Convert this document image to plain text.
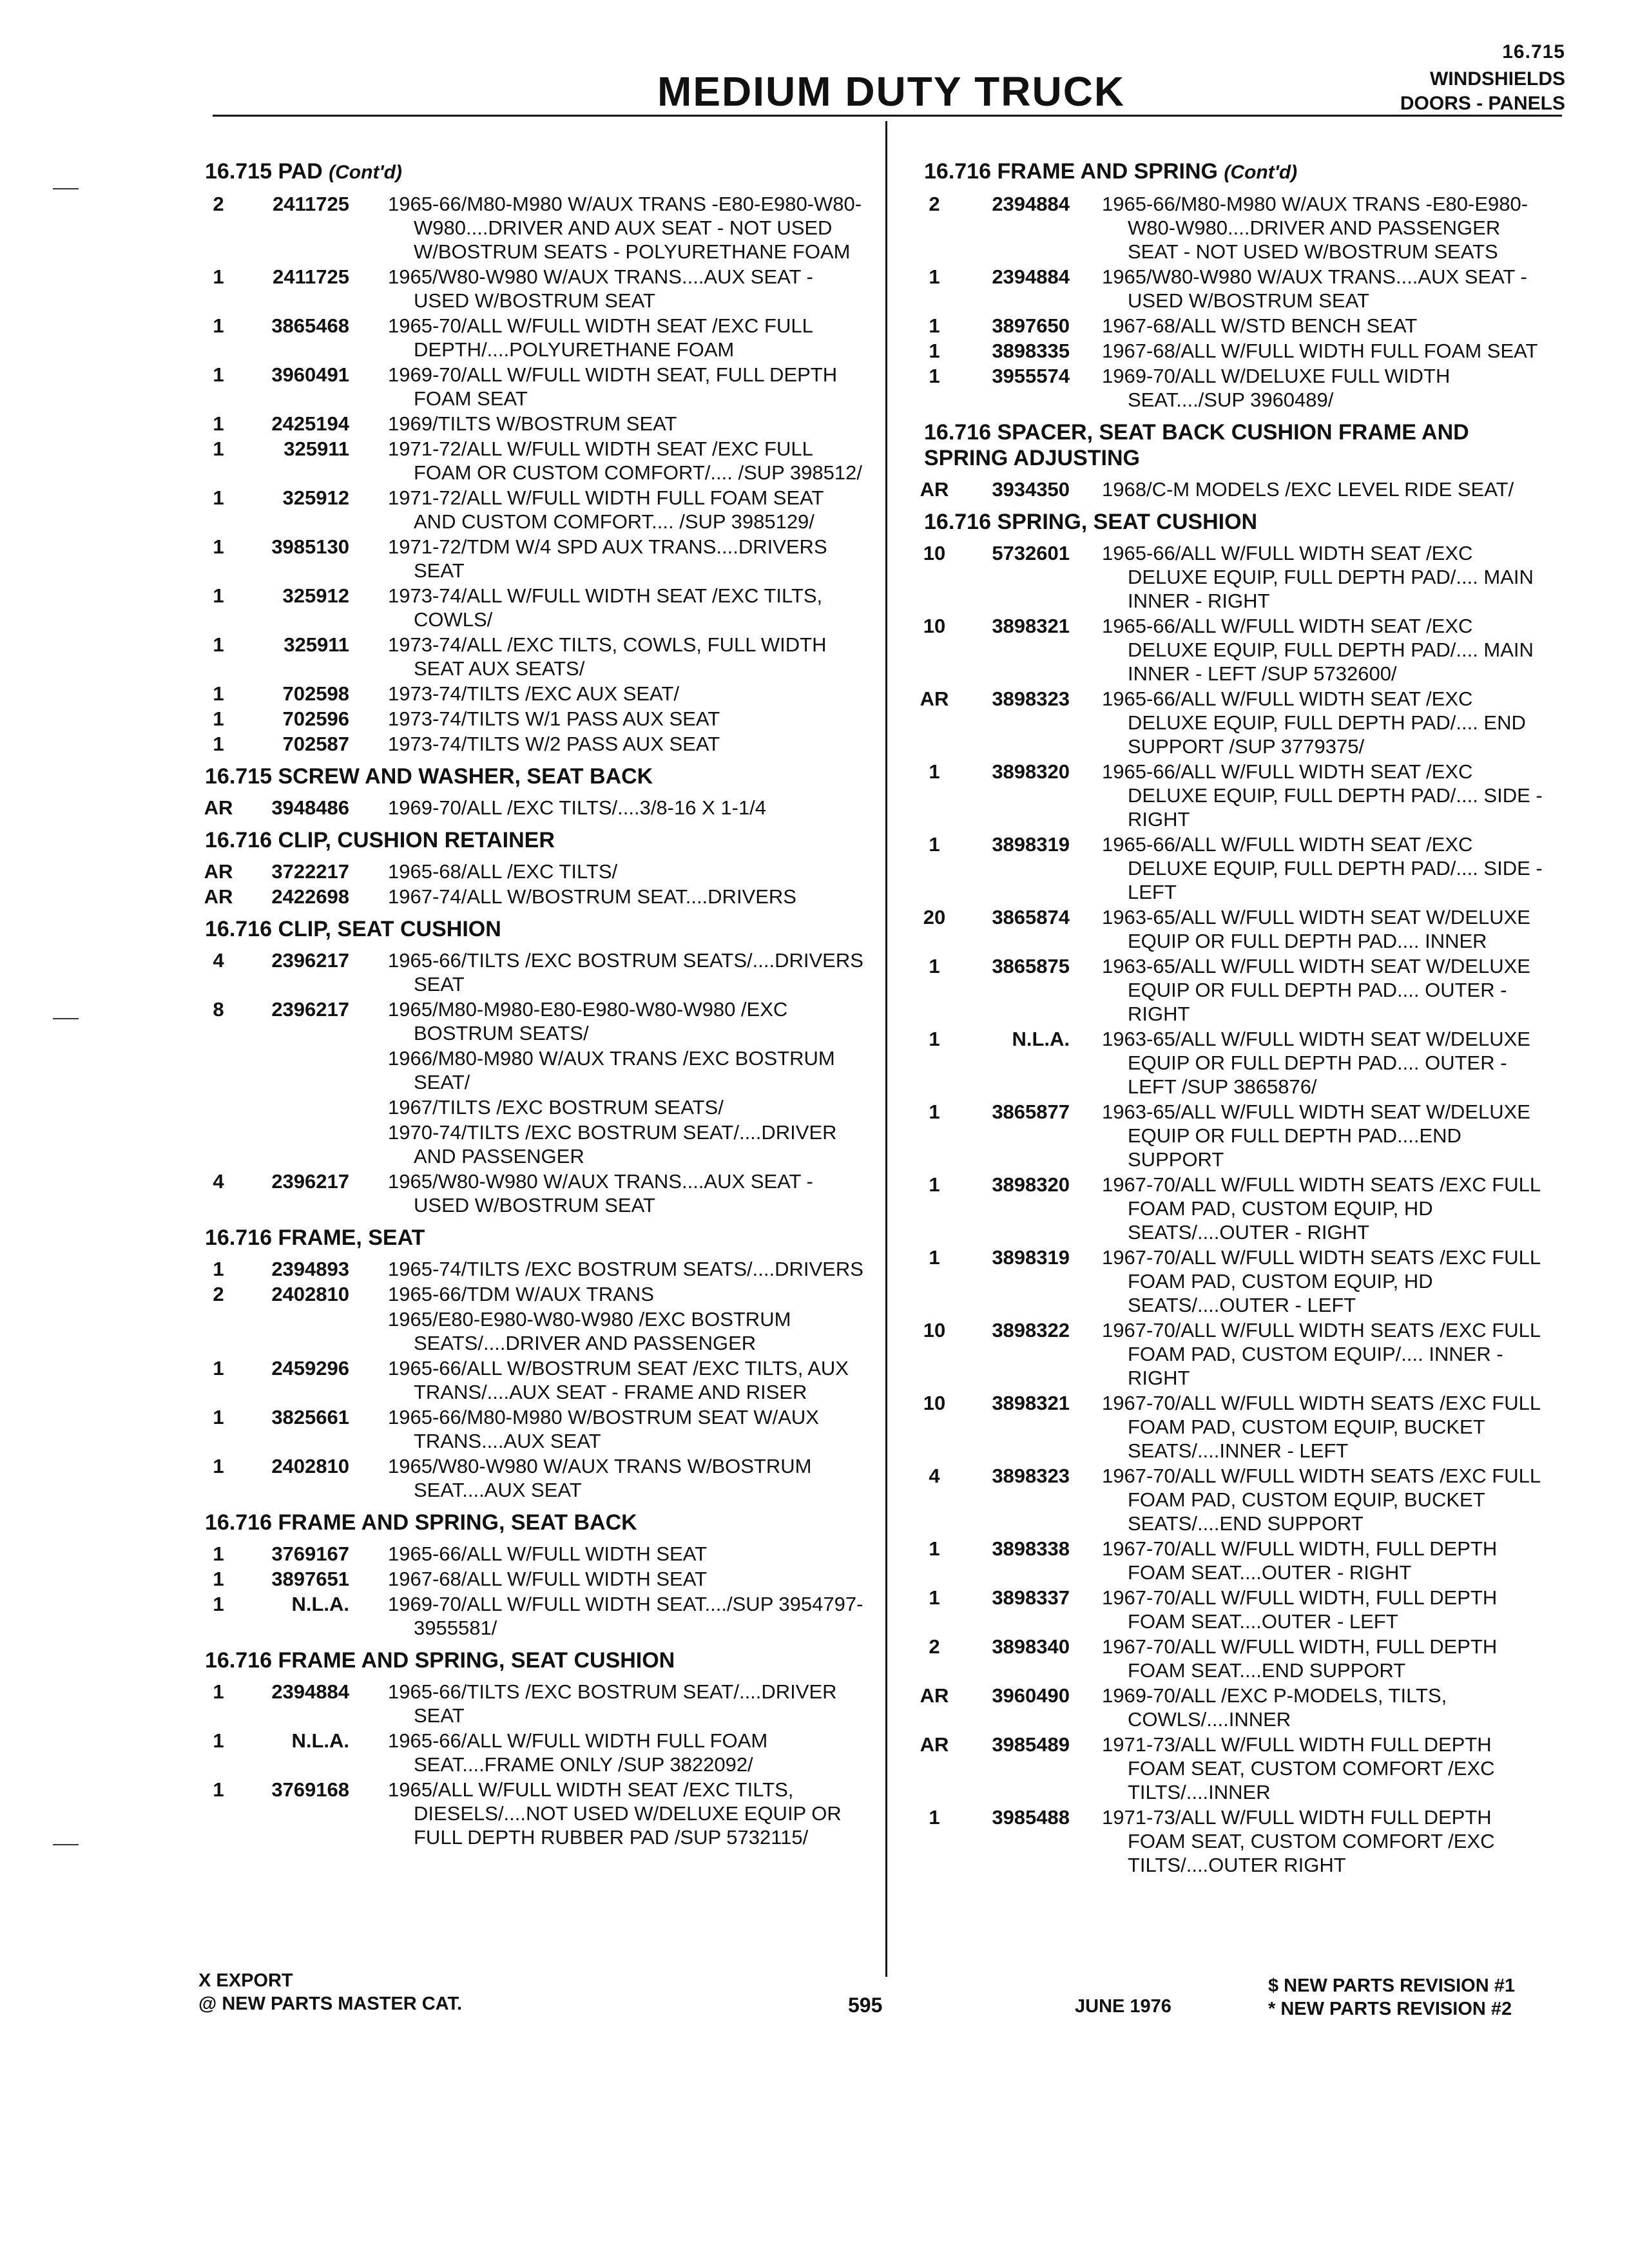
16.715
MEDIUM DUTY TRUCK	WINDSHIELDS
DOORS - PANELS
16.715 PAD (Cont'd)
2	2411725 1965-66/M80-M980 W/AUX TRANS -E80-E980-W80-W980....DRIVER AND AUX SEAT - NOT USED W/BOSTRUM SEATS - POLYURETHANE FOAM
1	2411725 1965/W80-W980 W/AUX TRANS....AUX SEAT - USED W/BOSTRUM SEAT
1	3865468 1965-70/ALL W/FULL WIDTH SEAT /EXC FULL DEPTH/....POLYURETHANE FOAM
1	3960491 1969-70/ALL W/FULL WIDTH SEAT, FULL DEPTH FOAM SEAT
1	2425194 1969/TILTS W/BOSTRUM SEAT
1	325911 1971-72/ALL W/FULL WIDTH SEAT /EXC FULL FOAM OR CUSTOM COMFORT/.... /SUP 398512/
1	325912 1971-72/ALL W/FULL WIDTH FULL FOAM SEAT AND CUSTOM COMFORT.... /SUP 3985129/
1	3985130 1971-72/TDM W/4 SPD AUX TRANS....DRIVERS SEAT
1	325912 1973-74/ALL W/FULL WIDTH SEAT /EXC TILTS, COWLS/
1	325911 1973-74/ALL /EXC TILTS, COWLS, FULL WIDTH SEAT AUX SEATS/
1	702598 1973-74/TILTS /EXC AUX SEAT/
1	702596 1973-74/TILTS W/1 PASS AUX SEAT
1	702587 1973-74/TILTS W/2 PASS AUX SEAT
16.715 SCREW AND WASHER, SEAT BACK
AR	3948486 1969-70/ALL /EXC TILTS/....3/8-16 X 1-1/4
16.716 CLIP, CUSHION RETAINER
AR	3722217 1965-68/ALL /EXC TILTS/
AR	2422698 1967-74/ALL W/BOSTRUM SEAT....DRIVERS
16.716 CLIP, SEAT CUSHION
4	2396217 1965-66/TILTS /EXC BOSTRUM SEATS/....DRIVERS SEAT
8	2396217 1965/M80-M980-E80-E980-W80-W980 /EXC BOSTRUM SEATS/
1966/M80-M980 W/AUX TRANS /EXC BOSTRUM SEAT/
1967/TILTS /EXC BOSTRUM SEATS/
1970-74/TILTS /EXC BOSTRUM SEAT/....DRIVER AND PASSENGER
4	2396217 1965/W80-W980 W/AUX TRANS....AUX SEAT - USED W/BOSTRUM SEAT
16.716 FRAME, SEAT
1	2394893 1965-74/TILTS /EXC BOSTRUM SEATS/....DRIVERS
2	2402810 1965-66/TDM W/AUX TRANS
1965/E80-E980-W80-W980 /EXC BOSTRUM SEATS/....DRIVER AND PASSENGER
1	2459296 1965-66/ALL W/BOSTRUM SEAT /EXC TILTS, AUX TRANS/....AUX SEAT - FRAME AND RISER
1	3825661 1965-66/M80-M980 W/BOSTRUM SEAT W/AUX TRANS....AUX SEAT
1	2402810 1965/W80-W980 W/AUX TRANS W/BOSTRUM SEAT....AUX SEAT
16.716 FRAME AND SPRING, SEAT BACK
1	3769167 1965-66/ALL W/FULL WIDTH SEAT
1	3897651 1967-68/ALL W/FULL WIDTH SEAT
1	N.L.A. 1969-70/ALL W/FULL WIDTH SEAT..../SUP 3954797-3955581/
16.716 FRAME AND SPRING, SEAT CUSHION
1	2394884 1965-66/TILTS /EXC BOSTRUM SEAT/....DRIVER SEAT
1	N.L.A. 1965-66/ALL W/FULL WIDTH FULL FOAM SEAT....FRAME ONLY /SUP 3822092/
1	3769168 1965/ALL W/FULL WIDTH SEAT /EXC TILTS, DIESELS/....NOT USED W/DELUXE EQUIP OR FULL DEPTH RUBBER PAD /SUP 5732115/
16.716 FRAME AND SPRING (Cont'd)
2	2394884 1965-66/M80-M980 W/AUX TRANS -E80-E980-W80-W980....DRIVER AND PASSENGER SEAT - NOT USED W/BOSTRUM SEATS
1	2394884 1965/W80-W980 W/AUX TRANS....AUX SEAT - USED W/BOSTRUM SEAT
1	3897650 1967-68/ALL W/STD BENCH SEAT
1	3898335 1967-68/ALL W/FULL WIDTH FULL FOAM SEAT
1	3955574 1969-70/ALL W/DELUXE FULL WIDTH SEAT..../SUP 3960489/
16.716 SPACER, SEAT BACK CUSHION FRAME AND
SPRING ADJUSTING
AR	3934350 1968/C-M MODELS /EXC LEVEL RIDE SEAT/
16.716 SPRING, SEAT CUSHION
10	5732601 1965-66/ALL W/FULL WIDTH SEAT /EXC DELUXE EQUIP, FULL DEPTH PAD/.... MAIN INNER - RIGHT
10	3898321 1965-66/ALL W/FULL WIDTH SEAT /EXC DELUXE EQUIP, FULL DEPTH PAD/.... MAIN INNER - LEFT /SUP 5732600/
AR	3898323 1965-66/ALL W/FULL WIDTH SEAT /EXC DELUXE EQUIP, FULL DEPTH PAD/.... END SUPPORT /SUP 3779375/
1	3898320 1965-66/ALL W/FULL WIDTH SEAT /EXC DELUXE EQUIP, FULL DEPTH PAD/.... SIDE - RIGHT
1	3898319 1965-66/ALL W/FULL WIDTH SEAT /EXC DELUXE EQUIP, FULL DEPTH PAD/.... SIDE - LEFT
20	3865874 1963-65/ALL W/FULL WIDTH SEAT W/DELUXE EQUIP OR FULL DEPTH PAD.... INNER
1	3865875 1963-65/ALL W/FULL WIDTH SEAT W/DELUXE EQUIP OR FULL DEPTH PAD.... OUTER - RIGHT
1	N.L.A. 1963-65/ALL W/FULL WIDTH SEAT W/DELUXE EQUIP OR FULL DEPTH PAD.... OUTER - LEFT /SUP 3865876/
1	3865877 1963-65/ALL W/FULL WIDTH SEAT W/DELUXE EQUIP OR FULL DEPTH PAD....END SUPPORT
1	3898320 1967-70/ALL W/FULL WIDTH SEATS /EXC FULL FOAM PAD, CUSTOM EQUIP, HD SEATS/....OUTER - RIGHT
1	3898319 1967-70/ALL W/FULL WIDTH SEATS /EXC FULL FOAM PAD, CUSTOM EQUIP, HD SEATS/....OUTER - LEFT
10	3898322 1967-70/ALL W/FULL WIDTH SEATS /EXC FULL FOAM PAD, CUSTOM EQUIP/.... INNER - RIGHT
10	3898321 1967-70/ALL W/FULL WIDTH SEATS /EXC FULL FOAM PAD, CUSTOM EQUIP, BUCKET SEATS/....INNER - LEFT
4	3898323 1967-70/ALL W/FULL WIDTH SEATS /EXC FULL FOAM PAD, CUSTOM EQUIP, BUCKET SEATS/....END SUPPORT
1	3898338 1967-70/ALL W/FULL WIDTH, FULL DEPTH FOAM SEAT....OUTER - RIGHT
1	3898337 1967-70/ALL W/FULL WIDTH, FULL DEPTH FOAM SEAT....OUTER - LEFT
2	3898340 1967-70/ALL W/FULL WIDTH, FULL DEPTH FOAM SEAT....END SUPPORT
AR	3960490 1969-70/ALL /EXC P-MODELS, TILTS, COWLS/....INNER
AR	3985489 1971-73/ALL W/FULL WIDTH FULL DEPTH FOAM SEAT, CUSTOM COMFORT /EXC TILTS/....INNER
1	3985488 1971-73/ALL W/FULL WIDTH FULL DEPTH FOAM SEAT, CUSTOM COMFORT /EXC TILTS/....OUTER RIGHT
X EXPORT
@ NEW PARTS MASTER CAT.	595	JUNE 1976
$ NEW PARTS REVISION #1
* NEW PARTS REVISION #2
